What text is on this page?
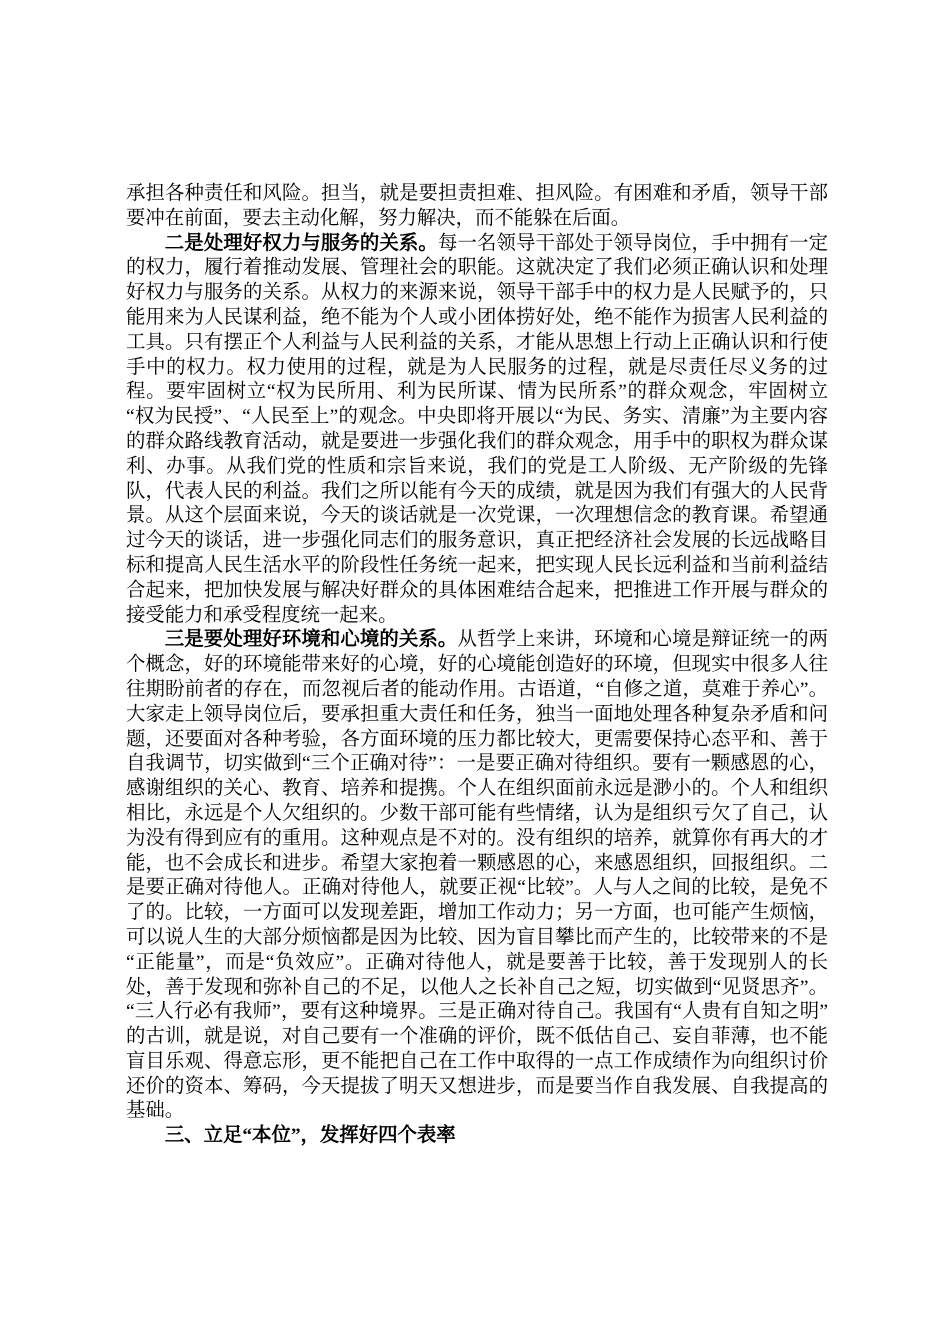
承担各种责任和风险。担当，就是要担责担难、担风险。有困难和矛盾，领导干部要冲在前面，要去主动化解，努力解决，而不能躲在后面。

二是处理好权力与服务的关系。每一名领导干部处于领导岗位，手中拥有一定的权力，履行着推动发展、管理社会的职能。这就决定了我们必须正确认识和处理好权力与服务的关系。从权力的来源来说，领导干部手中的权力是人民赋予的，只能用来为人民谋利益，绝不能为个人或小团体捞好处，绝不能作为损害人民利益的工具。只有摆正个人利益与人民利益的关系，才能从思想上行动上正确认识和行使手中的权力。权力使用的过程，就是为人民服务的过程，就是尽责任尽义务的过程。要牢固树立“权为民所用、利为民所谋、情为民所系”的群众观念，牢固树立“权为民授”、“人民至上”的观念。中央即将开展以“为民、务实、清廉”为主要内容的群众路线教育活动，就是要进一步强化我们的群众观念，用手中的职权为群众谋利、办事。从我们党的性质和宗旨来说，我们的党是工人阶级、无产阶级的先锋队，代表人民的利益。我们之所以能有今天的成绩，就是因为我们有强大的人民背景。从这个层面来说，今天的谈话就是一次党课，一次理想信念的教育课。希望通过今天的谈话，进一步强化同志们的服务意识，真正把经济社会发展的长远战略目标和提高人民生活水平的阶段性任务统一起来，把实现人民长远利益和当前利益结合起来，把加快发展与解决好群众的具体困难结合起来，把推进工作开展与群众的接受能力和承受程度统一起来。

三是要处理好环境和心境的关系。从哲学上来讲，环境和心境是辩证统一的两个概念，好的环境能带来好的心境，好的心境能创造好的环境，但现实中很多人往往期盼前者的存在，而忽视后者的能动作用。古语道，“自修之道，莫难于养心”。大家走上领导岗位后，要承担重大责任和任务，独当一面地处理各种复杂矛盾和问题，还要面对各种考验，各方面环境的压力都比较大，更需要保持心态平和、善于自我调节，切实做到“三个正确对待”：一是要正确对待组织。要有一颗感恩的心，感谢组织的关心、教育、培养和提携。个人在组织面前永远是渺小的。个人和组织相比，永远是个人欠组织的。少数干部可能有些情绪，认为是组织亏欠了自己，认为没有得到应有的重用。这种观点是不对的。没有组织的培养，就算你有再大的才能，也不会成长和进步。希望大家抱着一颗感恩的心，来感恩组织，回报组织。二是要正确对待他人。正确对待他人，就要正视“比较”。人与人之间的比较，是免不了的。比较，一方面可以发现差距，增加工作动力；另一方面，也可能产生烦恼，可以说人生的大部分烦恼都是因为比较、因为盲目攀比而产生的，比较带来的不是“正能量”，而是“负效应”。正确对待他人，就是要善于比较，善于发现别人的长处，善于发现和弥补自己的不足，以他人之长补自己之短，切实做到“见贤思齐”。“三人行必有我师”，要有这种境界。三是正确对待自己。我国有“人贵有自知之明”的古训，就是说，对自己要有一个准确的评价，既不低估自己、妄自菲薄，也不能盲目乐观、得意忘形，更不能把自己在工作中取得的一点工作成绩作为向组织讨价还价的资本、筹码，今天提拔了明天又想进步，而是要当作自我发展、自我提高的基础。

三、立足“本位”，发挥好四个表率
